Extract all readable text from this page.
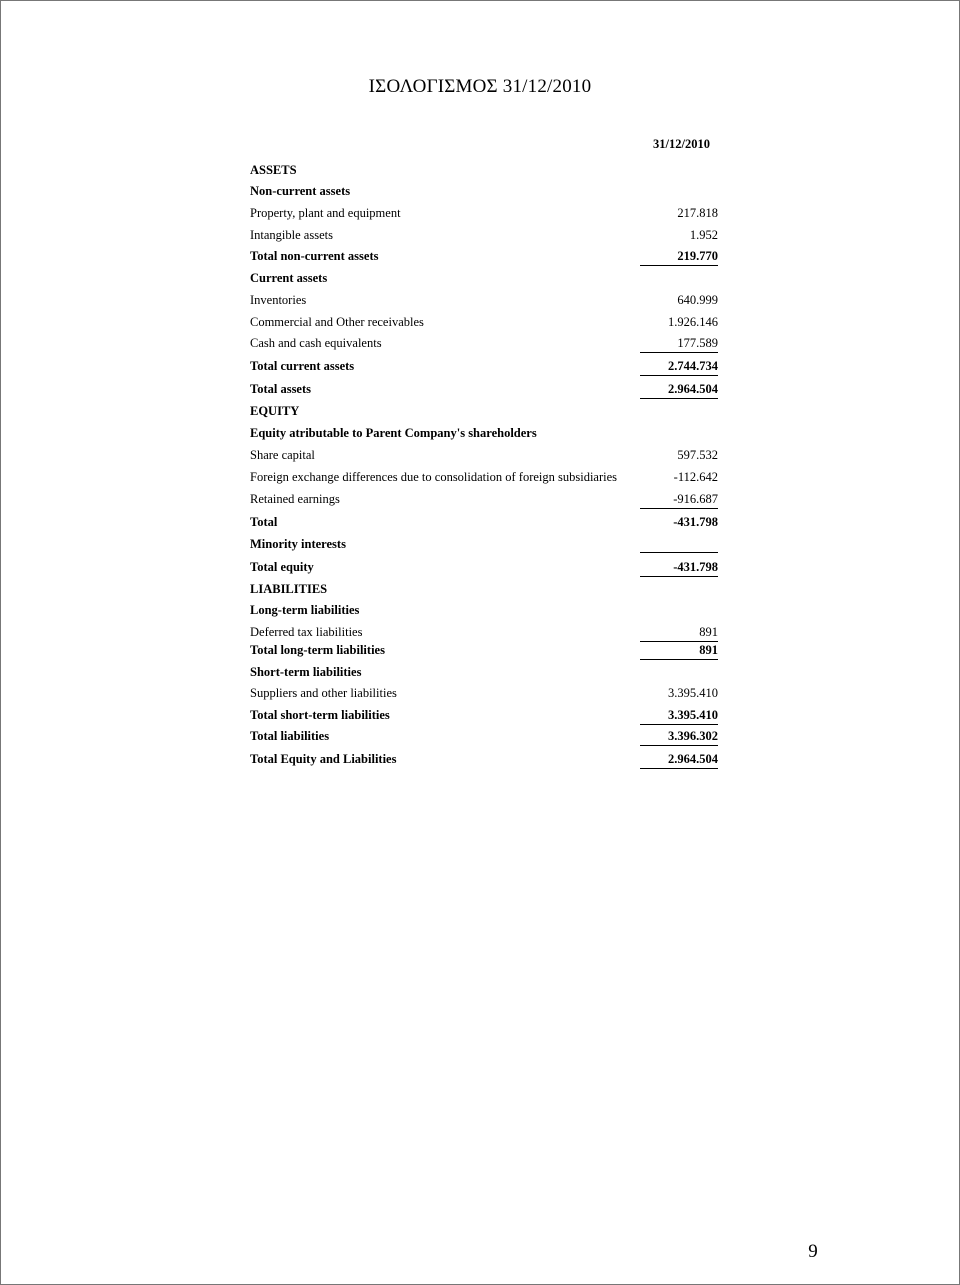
ΙΣΟΛΟΓΙΣΜΟΣ 31/12/2010
31/12/2010
ASSETS
Non-current assets
Property, plant and equipment	217.818
Intangible assets	1.952
Total non-current assets	219.770
Current assets
Inventories	640.999
Commercial and Other receivables	1.926.146
Cash and cash equivalents	177.589
Total current assets	2.744.734
Total assets	2.964.504
EQUITY
Equity atributable to Parent Company's shareholders
Share capital	597.532
Foreign exchange differences due to consolidation of foreign subsidiaries	-112.642
Retained earnings	-916.687
Total	-431.798
Minority interests
Total equity	-431.798
LIABILITIES
Long-term liabilities
Deferred tax liabilities	891
Total long-term liabilities	891
Short-term liabilities
Suppliers and other liabilities	3.395.410
Total short-term liabilities	3.395.410
Total liabilities	3.396.302
Total Equity and Liabilities	2.964.504
9
